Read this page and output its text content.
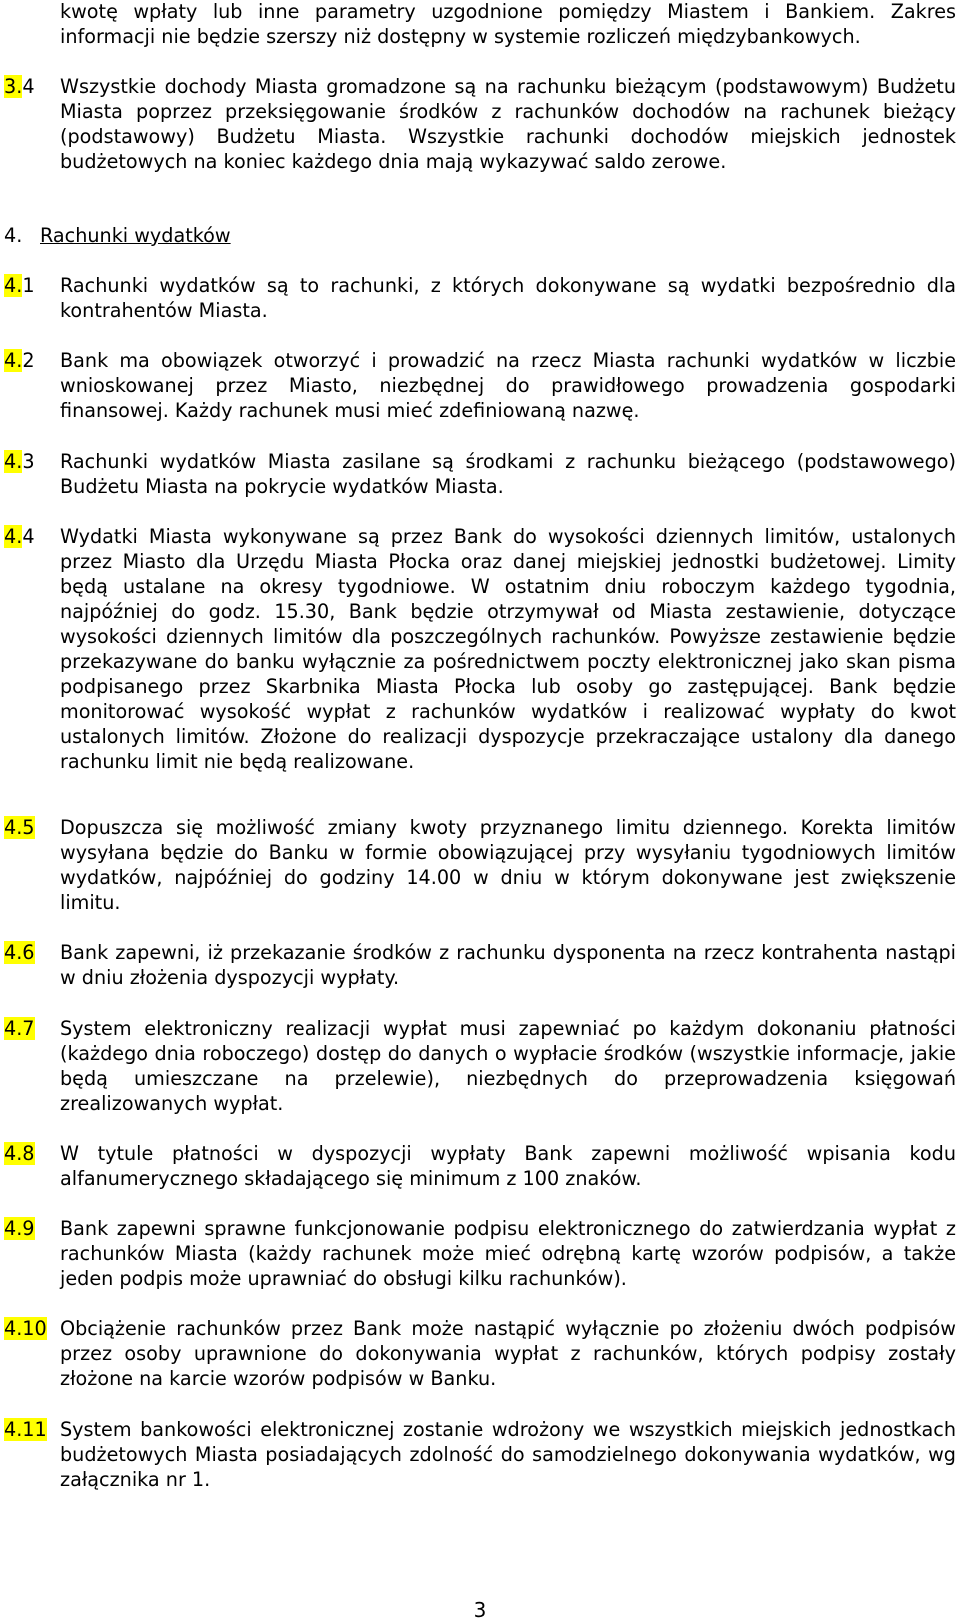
kwotę wpłaty lub inne parametry uzgodnione pomiędzy Miastem i Bankiem. Zakres informacji nie będzie szerszy niż dostępny w systemie rozliczeń międzybankowych.
3.4	Wszystkie dochody Miasta gromadzone są na rachunku bieżącym (podstawowym) Budżetu Miasta poprzez przeksięgowanie środków z rachunków dochodów na rachunek bieżący (podstawowy) Budżetu Miasta. Wszystkie rachunki dochodów miejskich jednostek budżetowych na koniec każdego dnia mają wykazywać saldo zerowe.
4. Rachunki wydatków
4.1	Rachunki wydatków są to rachunki, z których dokonywane są wydatki bezpośrednio dla kontrahentów Miasta.
4.2	Bank ma obowiązek otworzyć i prowadzić na rzecz Miasta rachunki wydatków w liczbie wnioskowanej przez Miasto, niezbędnej do prawidłowego prowadzenia gospodarki finansowej. Każdy rachunek musi mieć zdefiniowaną nazwę.
4.3	Rachunki wydatków Miasta zasilane są środkami z rachunku bieżącego (podstawowego) Budżetu Miasta na pokrycie wydatków Miasta.
4.4	Wydatki Miasta wykonywane są przez Bank do wysokości dziennych limitów, ustalonych przez Miasto dla Urzędu Miasta Płocka oraz danej miejskiej jednostki budżetowej. Limity będą ustalane na okresy tygodniowe. W ostatnim dniu roboczym każdego tygodnia, najpóźniej do godz. 15.30, Bank będzie otrzymywał od Miasta zestawienie, dotyczące wysokości dziennych limitów dla poszczególnych rachunków. Powyższe zestawienie będzie przekazywane do banku wyłącznie za pośrednictwem poczty elektronicznej jako skan pisma podpisanego przez Skarbnika Miasta Płocka lub osoby go zastępującej. Bank będzie monitorować wysokość wypłat z rachunków wydatków i realizować wypłaty do kwot ustalonych limitów. Złożone do realizacji dyspozycje przekraczające ustalony dla danego rachunku limit nie będą realizowane.
4.5	Dopuszcza się możliwość zmiany kwoty przyznanego limitu dziennego. Korekta limitów wysyłana będzie do Banku w formie obowiązującej przy wysyłaniu tygodniowych limitów wydatków, najpóźniej do godziny 14.00 w dniu w którym dokonywane jest zwiększenie limitu.
4.6	Bank zapewni, iż przekazanie środków z rachunku dysponenta na rzecz kontrahenta nastąpi w dniu złożenia dyspozycji wypłaty.
4.7	System elektroniczny realizacji wypłat musi zapewniać po każdym dokonaniu płatności (każdego dnia roboczego) dostęp do danych o wypłacie środków (wszystkie informacje, jakie będą umieszczane na przelewie), niezbędnych do przeprowadzenia księgowań zrealizowanych wypłat.
4.8	W tytule płatności w dyspozycji wypłaty Bank zapewni możliwość wpisania kodu alfanumerycznego składającego się minimum z 100 znaków.
4.9	Bank zapewni sprawne funkcjonowanie podpisu elektronicznego do zatwierdzania wypłat z rachunków Miasta (każdy rachunek może mieć odrębną kartę wzorów podpisów, a także jeden podpis może uprawniać do obsługi kilku rachunków).
4.10 Obciążenie rachunków przez Bank może nastąpić wyłącznie po złożeniu dwóch podpisów przez osoby uprawnione do dokonywania wypłat z rachunków, których podpisy zostały złożone na karcie wzorów podpisów w Banku.
4.11 System bankowości elektronicznej zostanie wdrożony we wszystkich miejskich jednostkach budżetowych Miasta posiadających zdolność do samodzielnego dokonywania wydatków, wg załącznika nr 1.
3
